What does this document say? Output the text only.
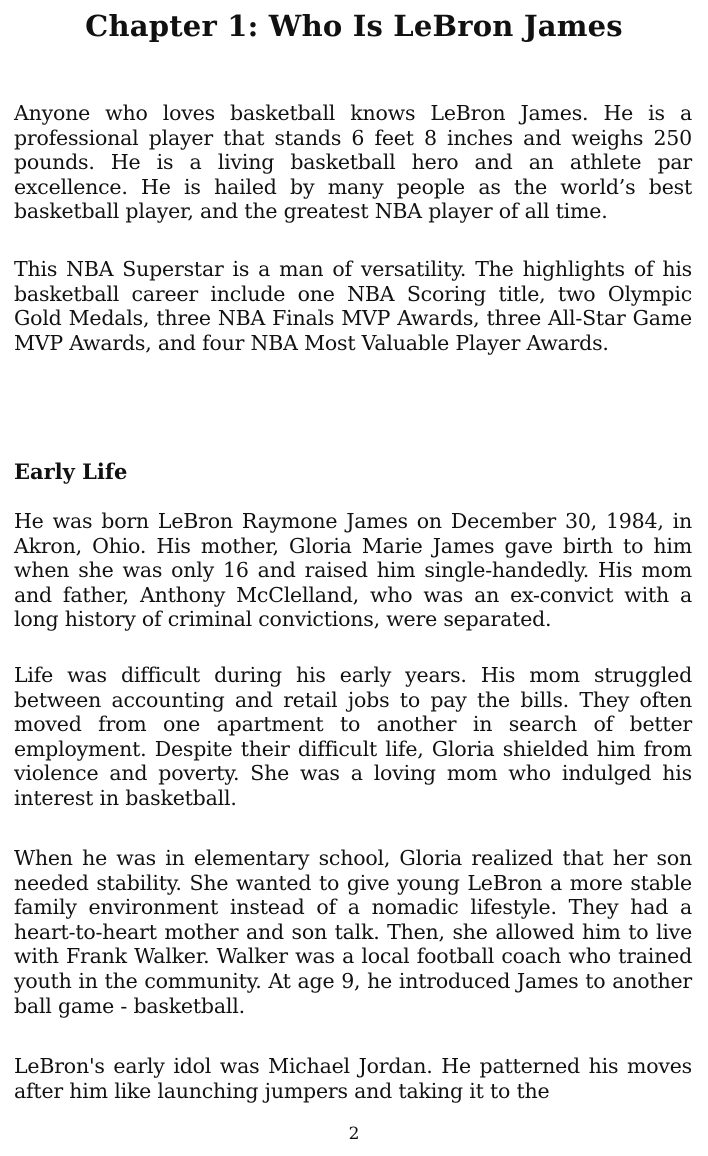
Chapter 1: Who Is LeBron James

Anyone who loves basketball knows LeBron James. He is a professional player that stands 6 feet 8 inches and weighs 250 pounds. He is a living basketball hero and an athlete par excellence. He is hailed by many people as the world’s best basketball player, and the greatest NBA player of all time.

This NBA Superstar is a man of versatility. The highlights of his basketball career include one NBA Scoring title, two Olympic Gold Medals, three NBA Finals MVP Awards, three All-Star Game MVP Awards, and four NBA Most Valuable Player Awards.

Early Life

He was born LeBron Raymone James on December 30, 1984, in Akron, Ohio. His mother, Gloria Marie James gave birth to him when she was only 16 and raised him single-handedly. His mom and father, Anthony McClelland, who was an ex-convict with a long history of criminal convictions, were separated.

Life was difficult during his early years. His mom struggled between accounting and retail jobs to pay the bills. They often moved from one apartment to another in search of better employment. Despite their difficult life, Gloria shielded him from violence and poverty. She was a loving mom who indulged his interest in basketball.

When he was in elementary school, Gloria realized that her son needed stability. She wanted to give young LeBron a more stable family environment instead of a nomadic lifestyle. They had a heart-to-heart mother and son talk. Then, she allowed him to live with Frank Walker. Walker was a local football coach who trained youth in the community. At age 9, he introduced James to another ball game - basketball.

LeBron's early idol was Michael Jordan. He patterned his moves after him like launching jumpers and taking it to the

2
